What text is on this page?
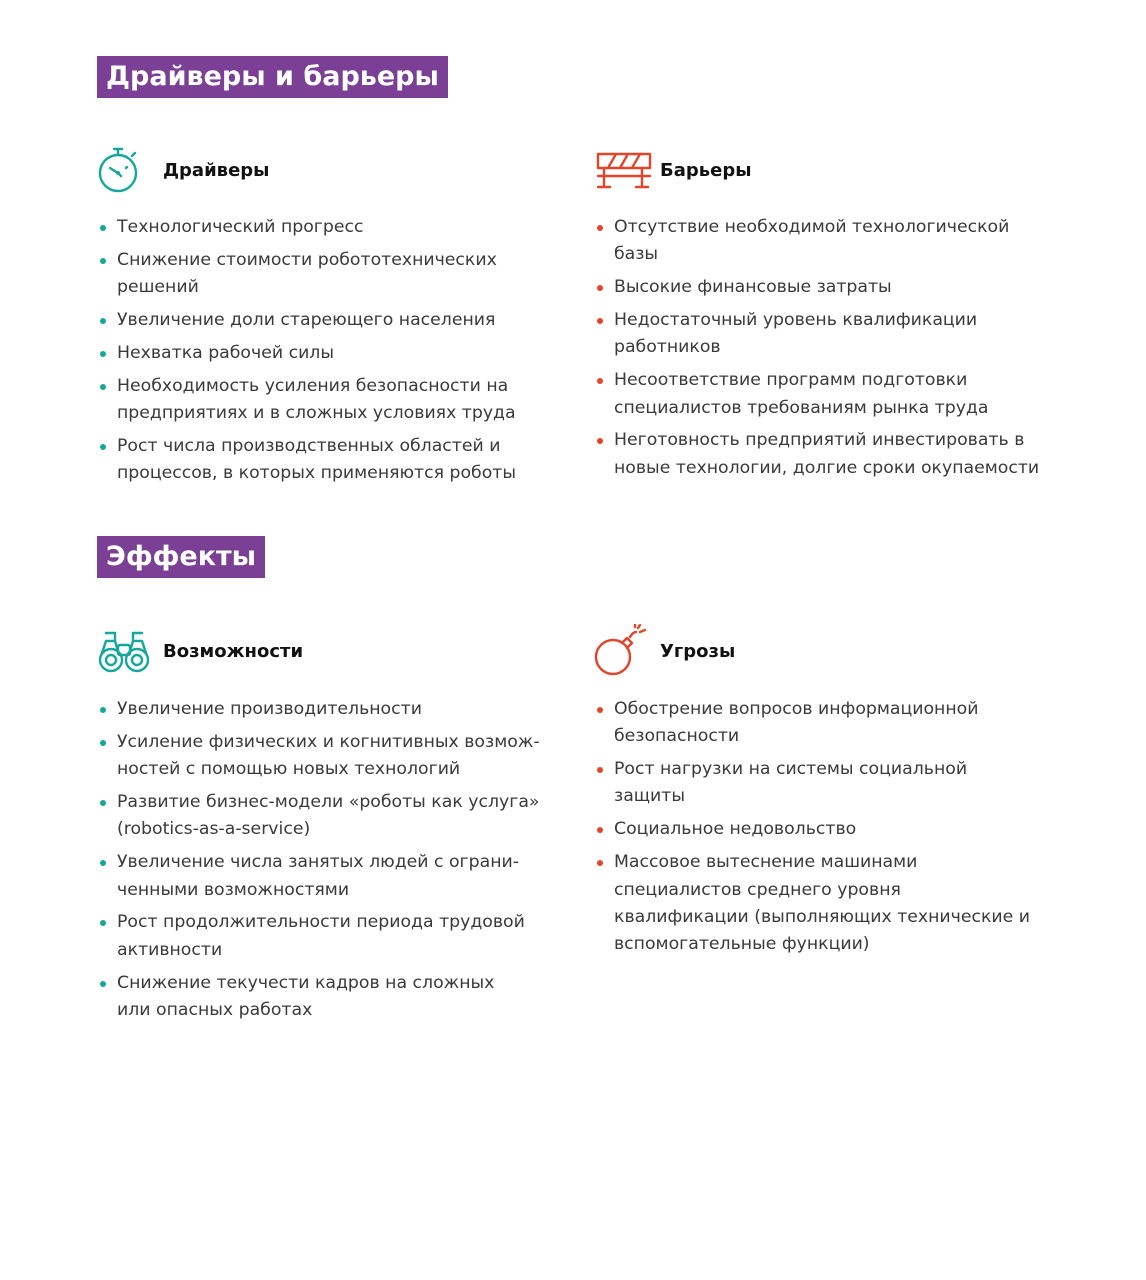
Драйверы и барьеры
Драйверы
Технологический прогресс
Снижение стоимости робототехнических решений
Увеличение доли стареющего населения
Нехватка рабочей силы
Необходимость усиления безопасности на предприятиях и в сложных условиях труда
Рост числа производственных областей и процессов, в которых применяются роботы
Барьеры
Отсутствие необходимой технологической базы
Высокие финансовые затраты
Недостаточный уровень квалификации работников
Несоответствие программ подготовки специалистов требованиям рынка труда
Неготовность предприятий инвестировать в новые технологии, долгие сроки окупаемости
Эффекты
Возможности
Увеличение производительности
Усиление физических и когнитивных возмож-ностей с помощью новых технологий
Развитие бизнес-модели «роботы как услуга» (robotics-as-a-service)
Увеличение числа занятых людей с ограни-ченными возможностями
Рост продолжительности периода трудовой активности
Снижение текучести кадров на сложных или опасных работах
Угрозы
Обострение вопросов информационной безопасности
Рост нагрузки на системы социальной защиты
Социальное недовольство
Массовое вытеснение машинами специалистов среднего уровня квалификации (выполняющих технические и вспомогательные функции)
